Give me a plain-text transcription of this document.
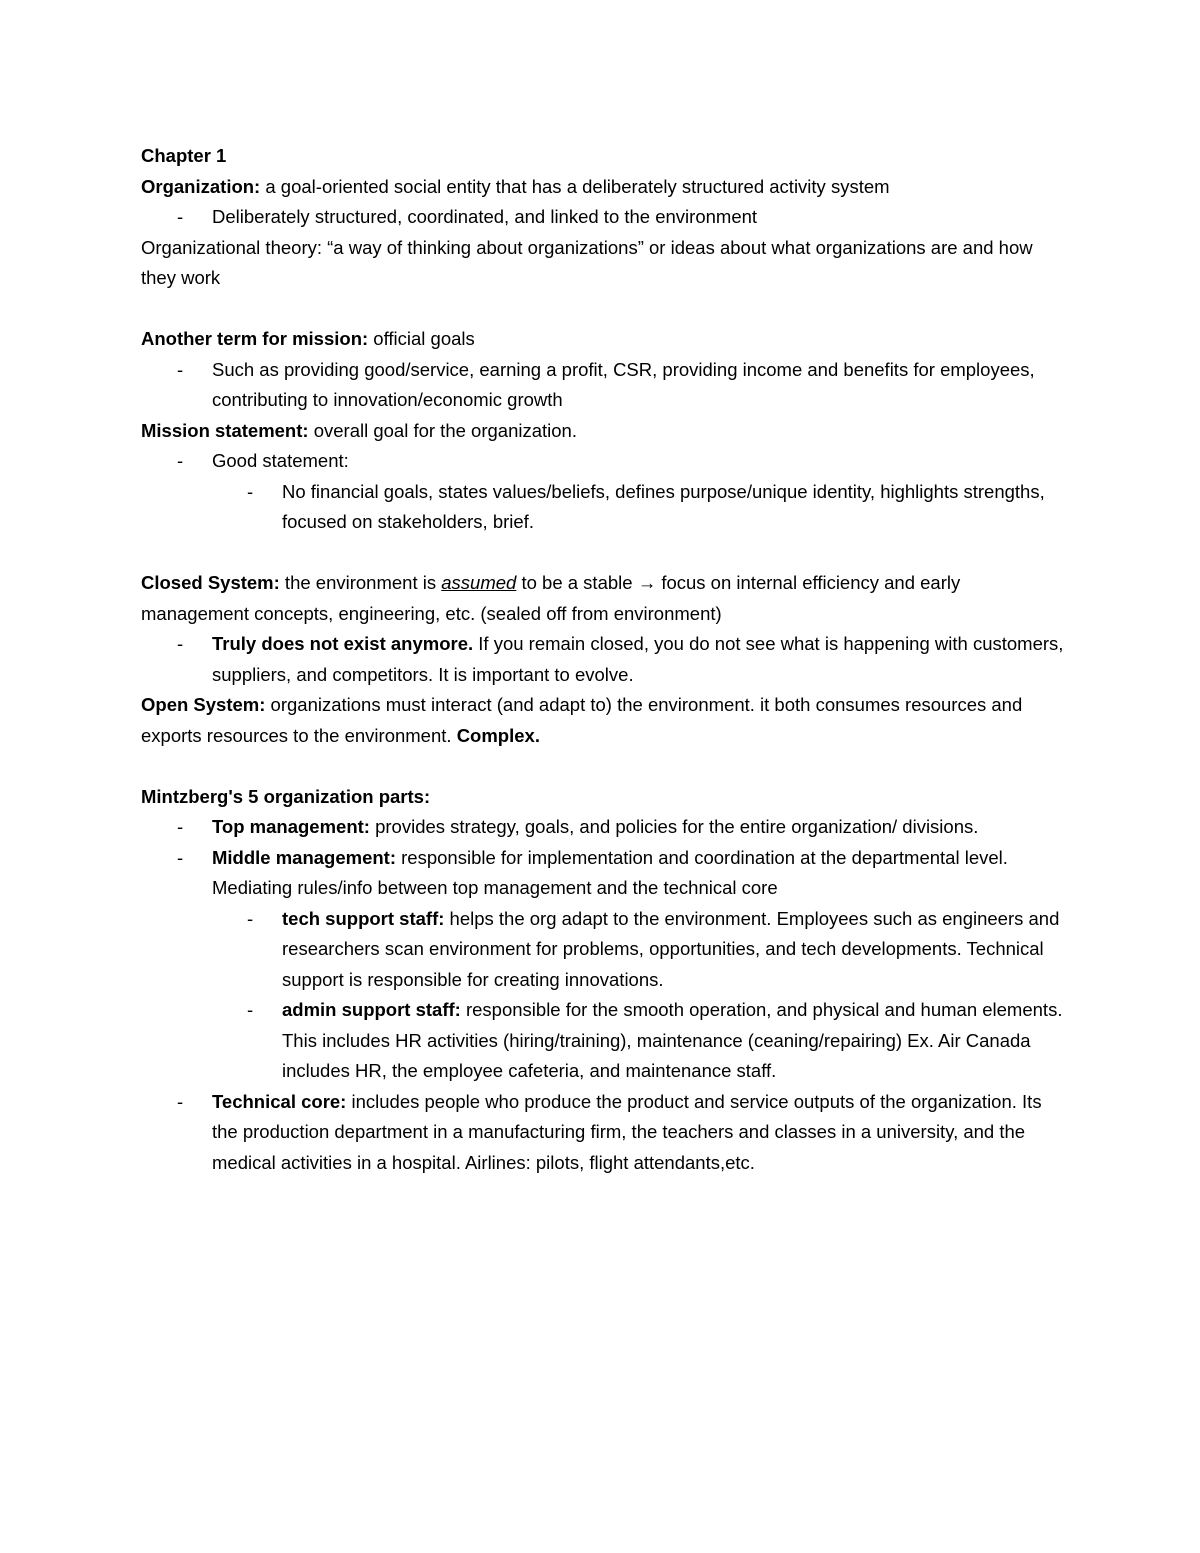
Chapter 1

Organization: a goal-oriented social entity that has a deliberately structured activity system

- Deliberately structured, coordinated, and linked to the environment

Organizational theory: “a way of thinking about organizations” or ideas about what organizations are and how they work

Another term for mission: official goals

- Such as providing good/service, earning a profit, CSR, providing income and benefits for employees, contributing to innovation/economic growth

Mission statement: overall goal for the organization.

- Good statement:

- No financial goals, states values/beliefs, defines purpose/unique identity, highlights strengths, focused on stakeholders, brief.

Closed System: the environment is assumed to be a stable → focus on internal efficiency and early management concepts, engineering, etc. (sealed off from environment)

- Truly does not exist anymore. If you remain closed, you do not see what is happening with customers, suppliers, and competitors. It is important to evolve.

Open System: organizations must interact (and adapt to) the environment. it both consumes resources and exports resources to the environment. Complex.

Mintzberg's 5 organization parts:

- Top management: provides strategy, goals, and policies for the entire organization/ divisions.

- Middle management: responsible for implementation and coordination at the departmental level. Mediating rules/info between top management and the technical core

- tech support staff: helps the org adapt to the environment. Employees such as engineers and researchers scan environment for problems, opportunities, and tech developments. Technical support is responsible for creating innovations.

- admin support staff: responsible for the smooth operation, and physical and human elements. This includes HR activities (hiring/training), maintenance (ceaning/repairing) Ex. Air Canada includes HR, the employee cafeteria, and maintenance staff.

- Technical core: includes people who produce the product and service outputs of the organization. Its the production department in a manufacturing firm, the teachers and classes in a university, and the medical activities in a hospital. Airlines: pilots, flight attendants,etc.
